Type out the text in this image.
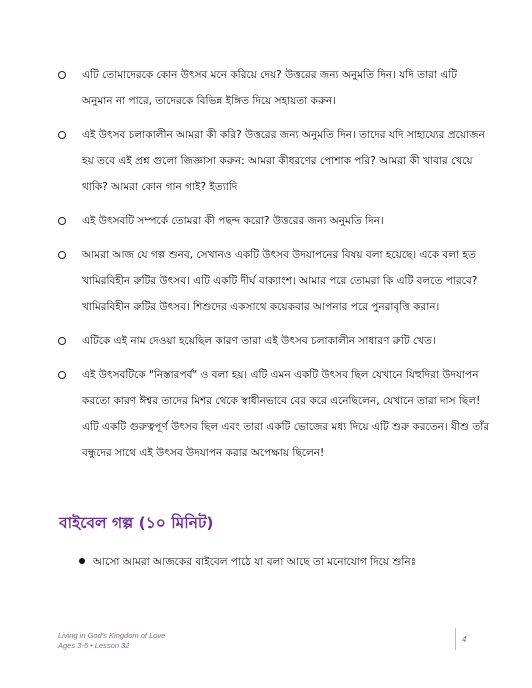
এটি তোমাদেরকে কোন উৎসব মনে করিয়ে দেয়? উত্তরের জন্য অনুমতি দিন। যদি তারা এটি
অনুমান না পারে, তাদেরকে বিভিন্ন ইঙ্গিত দিয়ে সহায়তা করুন।
এই উৎসব চলাকালীন আমরা কী করি? উত্তরের জন্য অনুমতি দিন। তাদের যদি সাহায্যের প্রয়োজন
হয় তবে এই প্রশ্ন গুলো জিজ্ঞাসা করুন: আমরা কীধরণের পোশাক পরি? আমরা কী খাবার খেয়ে
থাকি? আমরা কোন গান গাই? ইত্যাদি
এই উৎসবটি সম্পর্কে তোমরা কী পছন্দ করো? উত্তরের জন্য অনুমতি দিন।
আমরা আজ যে গল্প শুনব, সেখানও একটি উৎসব উদযাপনের বিষয় বলা হয়েছে। একে বলা হত
খামিরবিহীন রুটির উৎসব। এটি একটি দীর্ঘ বাক্যাংশ। আমার পরে তোমরা কি এটি বলতে পারবে?
খামিরবিহীন রুটির উৎসব। শিশুদের একসাথে কয়েকবার আপনার পরে পুনরাবৃত্তি করান।
এটিকে এই নাম দেওয়া হয়েছিল কারণ তারা এই উৎসব চলাকালীন সাধারণ রুটি খেত।
এই উৎসবটিকে "নিস্তারপর্ব" ও বলা হয়। এটি এমন একটি উৎসব ছিল যেখানে যিহুদিরা উদযাপন
করতো কারণ ঈশ্বর তাদের মিশর থেকে স্বাধীনভাবে বের করে এনেছিলেন, যেখানে তারা দাস ছিল!
এটি একটি গুরুত্বপূর্ণ উৎসব ছিল এবং তারা একটি ভোজের মধ্য দিয়ে এটি শুরু করতেন। যীশু তাঁর
বন্ধুদের সাথে এই উৎসব উদযাপন করার অপেক্ষায় ছিলেন!
বাইবেল গল্প (১০ মিনিট)
আসো আমরা আজকের বাইবেল পাঠে যা বলা আছে তা মনোযোগ দিয়ে শুনিঃ
Living in God's Kingdom of Love
Ages 3-5 • Lesson 32
4
